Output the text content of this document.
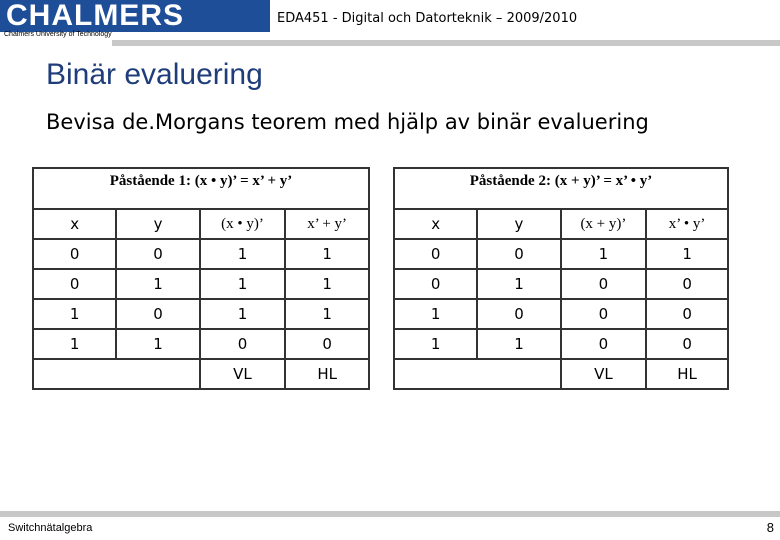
CHALMERS
Chalmers University of Technology
EDA451 - Digital och Datorteknik – 2009/2010
Binär evaluering
Bevisa de.Morgans teorem med hjälp av binär evaluering
Påstående 1: (x • y)’ = x’ + y’			
x	y	(x • y)’	x’ + y’
0	0	1	1
0	1	1	1
1	0	1	1
1	1	0	0
		VL	HL
Påstående 2: (x + y)’ = x’ • y’			
x	y	(x + y)’	x’ • y’
0	0	1	1
0	1	0	0
1	0	0	0
1	1	0	0
		VL	HL
Switchnätalgebra	8
